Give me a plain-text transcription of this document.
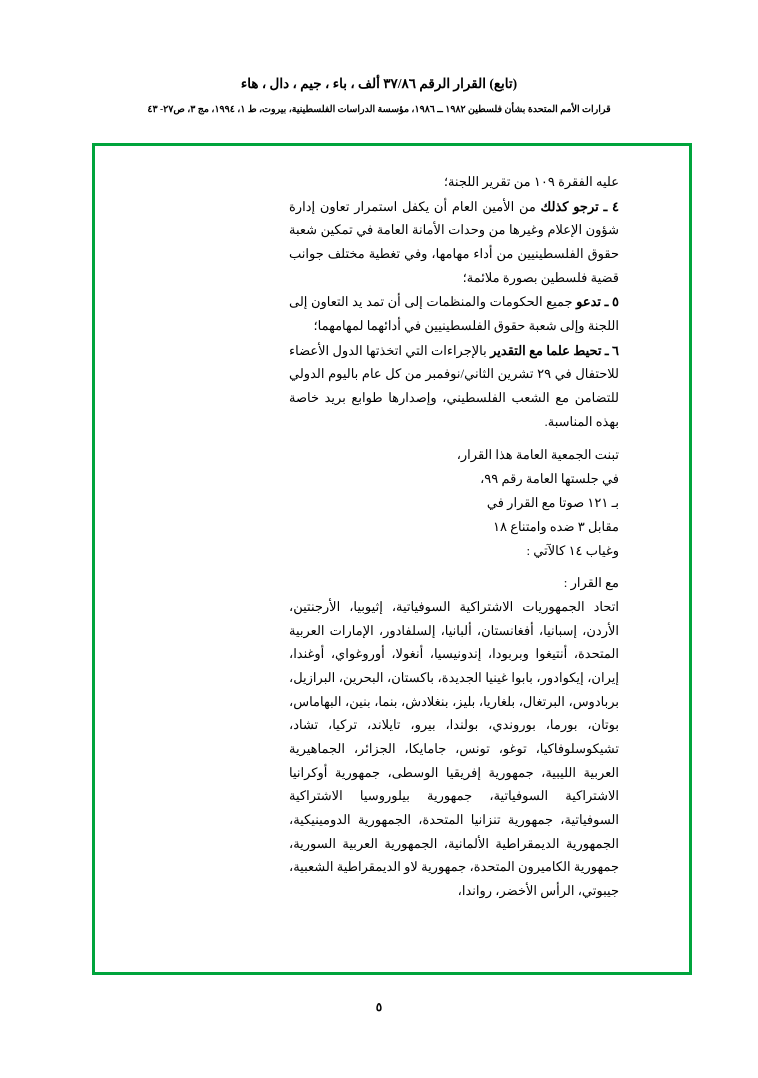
(تابع) القرار الرقم ٣٧/٨٦ ألف ، باء ، جيم ، دال ، هاء
قرارات الأمم المتحدة بشأن فلسطين ١٩٨٢ ــ ١٩٨٦، مؤسسة الدراسات الفلسطينية، بيروت، ط ١، ١٩٩٤، مج ٣، ص٢٧- ٤٣

عليه الفقرة ١٠٩ من تقرير اللجنة؛

٤ ـ ترجو كذلك من الأمين العام أن يكفل استمرار تعاون إدارة شؤون الإعلام وغيرها من وحدات الأمانة العامة في تمكين شعبة حقوق الفلسطينيين من أداء مهامها، وفي تغطية مختلف جوانب قضية فلسطين بصورة ملائمة؛

٥ ـ تدعو جميع الحكومات والمنظمات إلى أن تمد يد التعاون إلى اللجنة وإلى شعبة حقوق الفلسطينيين في أدائهما لمهامهما؛

٦ ـ تحيط علما مع التقدير بالإجراءات التي اتخذتها الدول الأعضاء للاحتفال في ٢٩ تشرين الثاني/نوفمبر من كل عام باليوم الدولي للتضامن مع الشعب الفلسطيني، وإصدارها طوابع بريد خاصة بهذه المناسبة.

تبنت الجمعية العامة هذا القرار،

في جلستها العامة رقم ٩٩،

بـ ١٢١ صوتا مع القرار في

مقابل ٣ ضده وامتناع ١٨

وغياب ١٤ كالآتي :

مع القرار :
اتحاد الجمهوريات الاشتراكية السوفياتية، إثيوبيا، الأرجنتين، الأردن، إسبانيا، أفغانستان، ألبانيا، إلسلفادور، الإمارات العربية المتحدة، أنتيغوا وبربودا، إندونيسيا، أنغولا، أوروغواي، أوغندا، إيران، إيكوادور، بابوا غينيا الجديدة، باكستان، البحرين، البرازيل، بربادوس، البرتغال، بلغاريا، بليز، بنغلادش، بنما، بنين، البهاماس، بوتان، بورما، بوروندي، بولندا، بيرو، تايلاند، تركيا، تشاد، تشيكوسلوفاكيا، توغو، تونس، جامايكا، الجزائر، الجماهيرية العربية الليبية، جمهورية إفريقيا الوسطى، جمهورية أوكرانيا الاشتراكية السوفياتية، جمهورية بيلوروسيا الاشتراكية السوفياتية، جمهورية تنزانيا المتحدة، الجمهورية الدومينيكية، الجمهورية الديمقراطية الألمانية، الجمهورية العربية السورية، جمهورية الكاميرون المتحدة، جمهورية لاو الديمقراطية الشعبية، جيبوتي، الرأس الأخضر، رواندا،
٥
